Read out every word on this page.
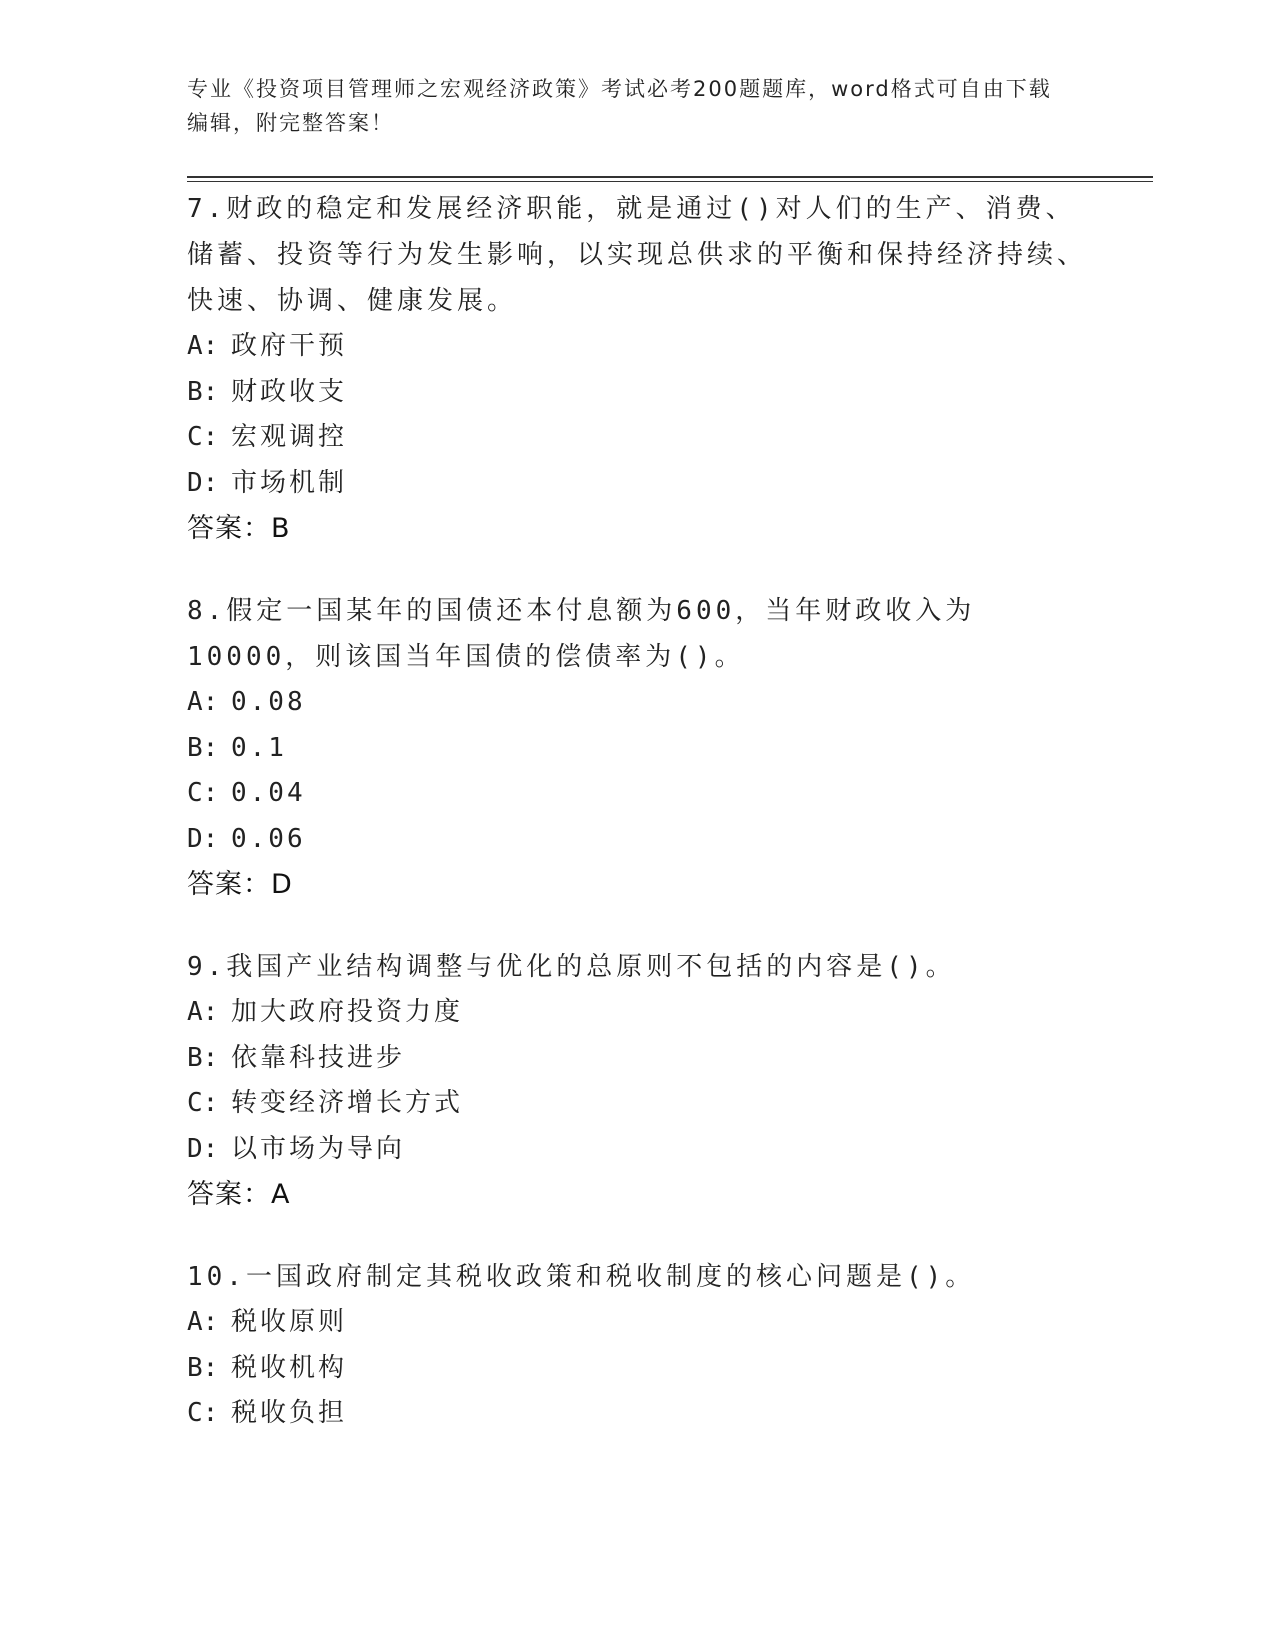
专业《投资项目管理师之宏观经济政策》考试必考200题题库，word格式可自由下载编辑，附完整答案！

7.财政的稳定和发展经济职能，就是通过()对人们的生产、消费、储蓄、投资等行为发生影响，以实现总供求的平衡和保持经济持续、快速、协调、健康发展。

A: 政府干预

B: 财政收支

C: 宏观调控

D: 市场机制

答案：B

8.假定一国某年的国债还本付息额为600，当年财政收入为10000，则该国当年国债的偿债率为()。

A: 0.08

B: 0.1

C: 0.04

D: 0.06

答案：D

9.我国产业结构调整与优化的总原则不包括的内容是()。

A: 加大政府投资力度

B: 依靠科技进步

C: 转变经济增长方式

D: 以市场为导向

答案：A

10.一国政府制定其税收政策和税收制度的核心问题是()。

A: 税收原则

B: 税收机构

C: 税收负担
